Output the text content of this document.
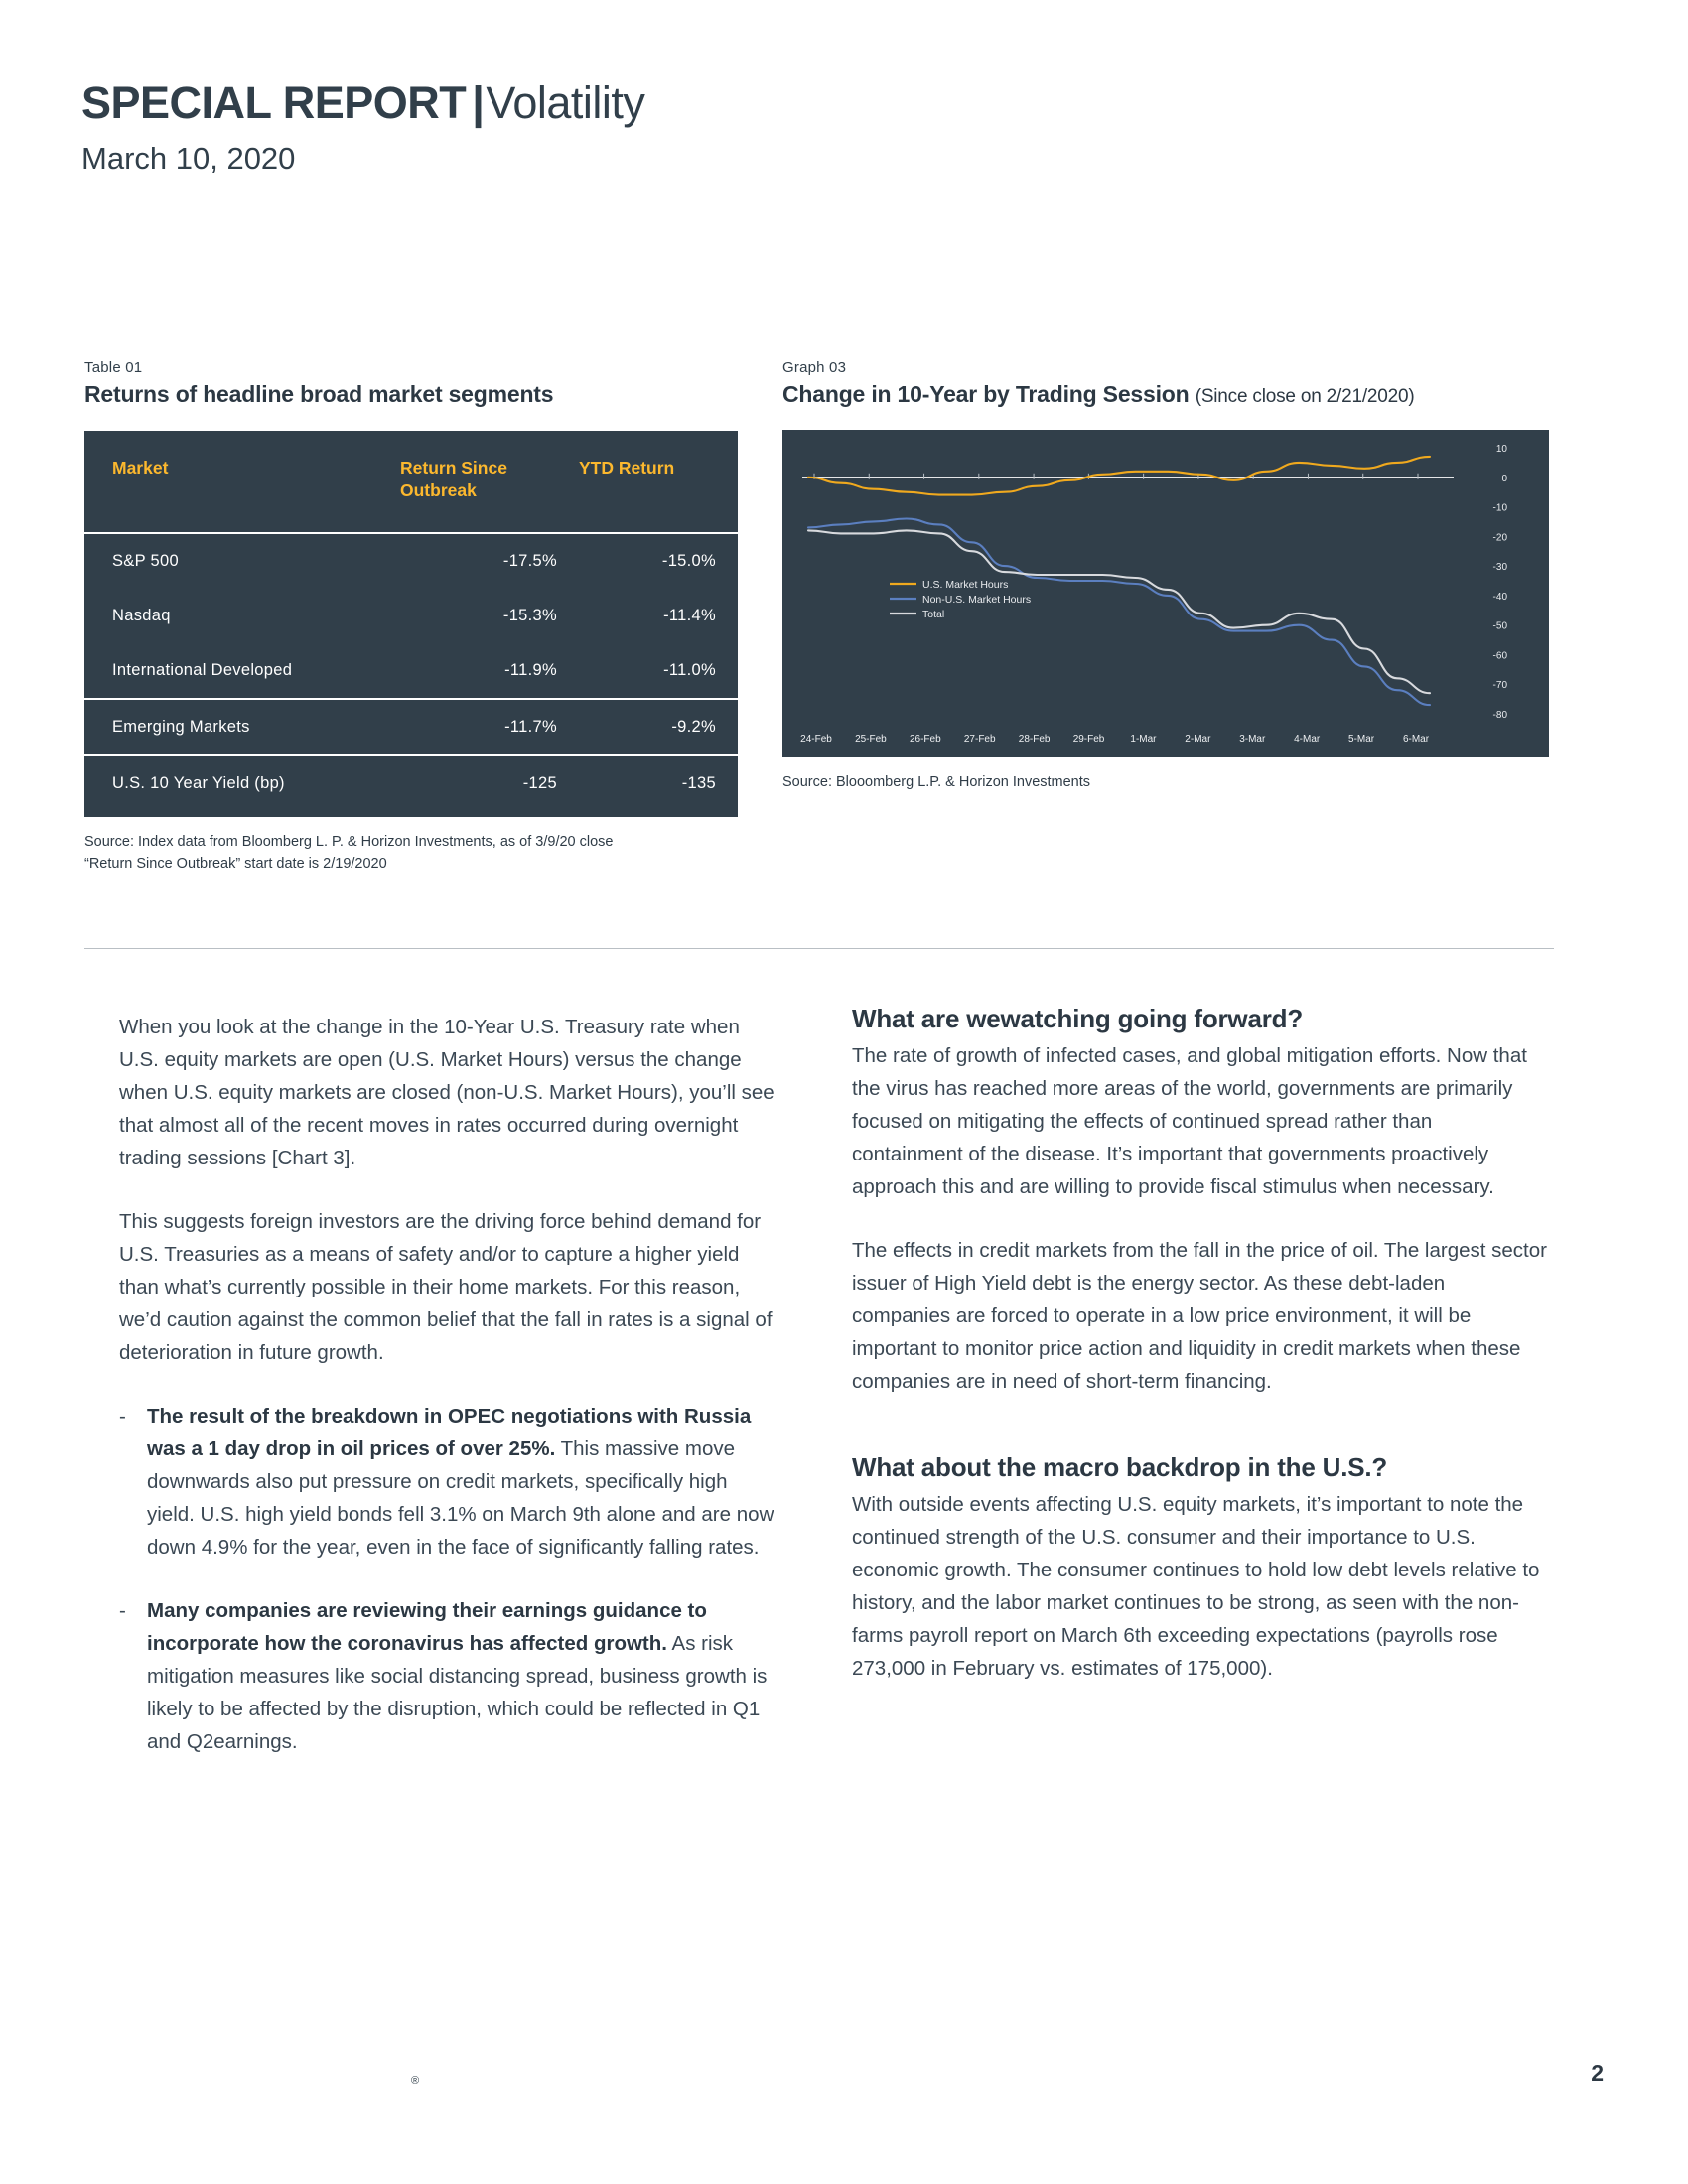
SPECIAL REPORT |Volatility
March 10, 2020
Table 01
Returns of headline broad market segments
Market	Return Since Outbreak	YTD Return
S&P 500	-17.5%	-15.0%
Nasdaq	-15.3%	-11.4%
International Developed	-11.9%	-11.0%
Emerging Markets	-11.7%	-9.2%
U.S. 10 Year Yield (bp)	-125	-135
Source: Index data from Bloomberg L. P. & Horizon Investments, as of 3/9/20 close
“Return Since Outbreak” start date is 2/19/2020
Graph 03
Change in 10-Year by Trading Session (Since close on 2/21/2020)
10
0
-10
-20
-30
-40
-50
-60
-70
-80
U.S. Market Hours
Non-U.S. Market Hours
Total
24-Feb 25-Feb 26-Feb 27-Feb 28-Feb 29-Feb	1-Mar	2-Mar	3-Mar	4-Mar	5-Mar	6-Mar
Source: Blooomberg L.P. & Horizon Investments

When you look at the change in the 10-Year U.S. Treasury rate when U.S. equity markets are open (U.S. Market Hours) versus the change when U.S. equity markets are closed (non-U.S. Market Hours), you’ll see that almost all of the recent moves in rates occurred during overnight trading sessions [Chart 3].

This suggests foreign investors are the driving force behind demand for U.S. Treasuries as a means of safety and/or to capture a higher yield than what’s currently possible in their home markets. For this reason, we’d caution against the common belief that the fall in rates is a signal of deterioration in future growth.

- The result of the breakdown in OPEC negotiations with Russia was a 1 day drop in oil prices of over 25%. This massive move downwards also put pressure on credit markets, specifically high yield. U.S. high yield bonds fell 3.1% on March 9th alone and are now down 4.9% for the year, even in the face of significantly falling rates.
- Many companies are reviewing their earnings guidance to incorporate how the coronavirus has affected growth. As risk mitigation measures like social distancing spread, business growth is likely to be affected by the disruption, which could be reflected in Q1 and Q2earnings.
What are wewatching going forward?

The rate of growth of infected cases, and global mitigation efforts. Now that the virus has reached more areas of the world, governments are primarily focused on mitigating the effects of continued spread rather than containment of the disease. It’s important that governments proactively approach this and are willing to provide fiscal stimulus when necessary.

The effects in credit markets from the fall in the price of oil. The largest sector issuer of High Yield debt is the energy sector. As these debt-laden companies are forced to operate in a low price environment, it will be important to monitor price action and liquidity in credit markets when these companies are in need of short-term financing.

What about the macro backdrop in the U.S.?

With outside events affecting U.S. equity markets, it’s important to note the continued strength of the U.S. consumer and their importance to U.S. economic growth. The consumer continues to hold low debt levels relative to history, and the labor market continues to be strong, as seen with the non-farms payroll report on March 6th exceeding expectations (payrolls rose 273,000 in February vs. estimates of 175,000).

®	2
